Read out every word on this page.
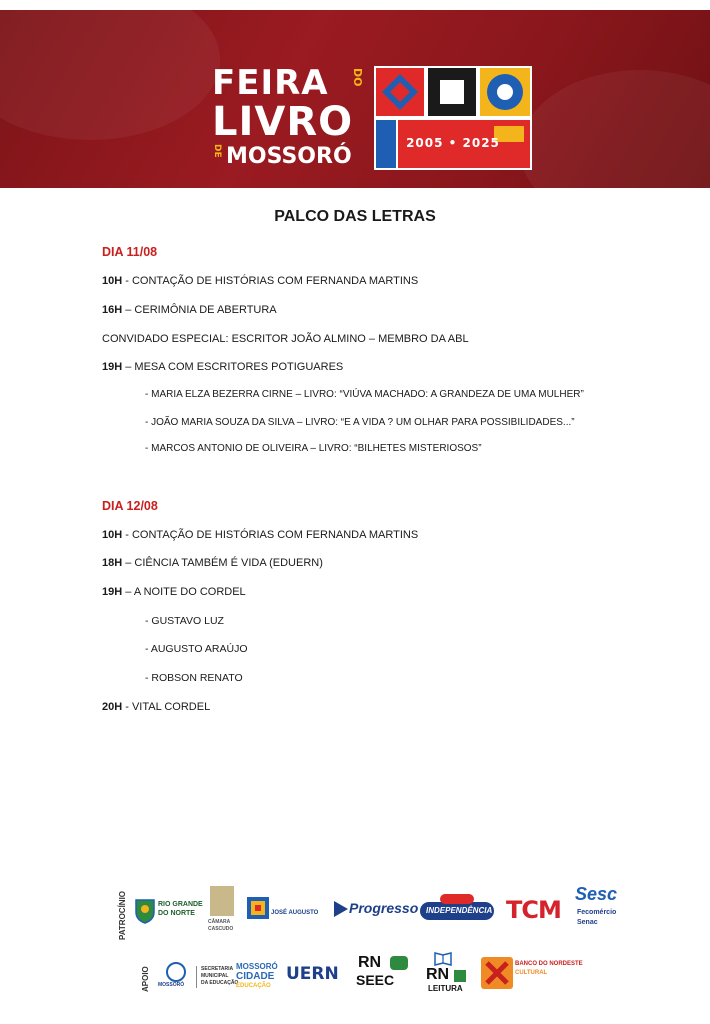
FEIRA DO
LIVRO
DE MOSSORÓ
2005 • 2025
PALCO DAS LETRAS
DIA 11/08
10H - CONTAÇÃO DE HISTÓRIAS COM FERNANDA MARTINS
16H – CERIMÔNIA DE ABERTURA
CONVIDADO ESPECIAL: ESCRITOR JOÃO ALMINO – MEMBRO DA ABL
19H – MESA COM ESCRITORES POTIGUARES
- MARIA ELZA BEZERRA CIRNE – LIVRO: “VIÚVA MACHADO: A GRANDEZA DE UMA MULHER”
- JOÃO MARIA SOUZA DA SILVA – LIVRO: “E A VIDA ? UM OLHAR PARA POSSIBILIDADES...”
- MARCOS ANTONIO DE OLIVEIRA – LIVRO: “BILHETES MISTERIOSOS”
DIA 12/08
10H - CONTAÇÃO DE HISTÓRIAS COM FERNANDA MARTINS
18H – CIÊNCIA TAMBÉM É VIDA (EDUERN)
19H – A NOITE DO CORDEL
- GUSTAVO LUZ
- AUGUSTO ARAÚJO
- ROBSON RENATO
20H - VITAL CORDEL
PATROCÍNIO
APOIO
RIO GRANDE
DO NORTE
CÂMARA
CASCUDO
JOSÉ AUGUSTO Progresso INDEPENDÊNCIA TCM
Sesc
Fecomércio
Senac
MOSSORÓ
SECRETARIA
MUNICIPAL
DA EDUCAÇÃO
MOSSORÓ
CIDADE
EDUCAÇÃO
UERN
RN
SEEC RN
LEITURA
BANCO DO NORDESTE
CULTURAL
